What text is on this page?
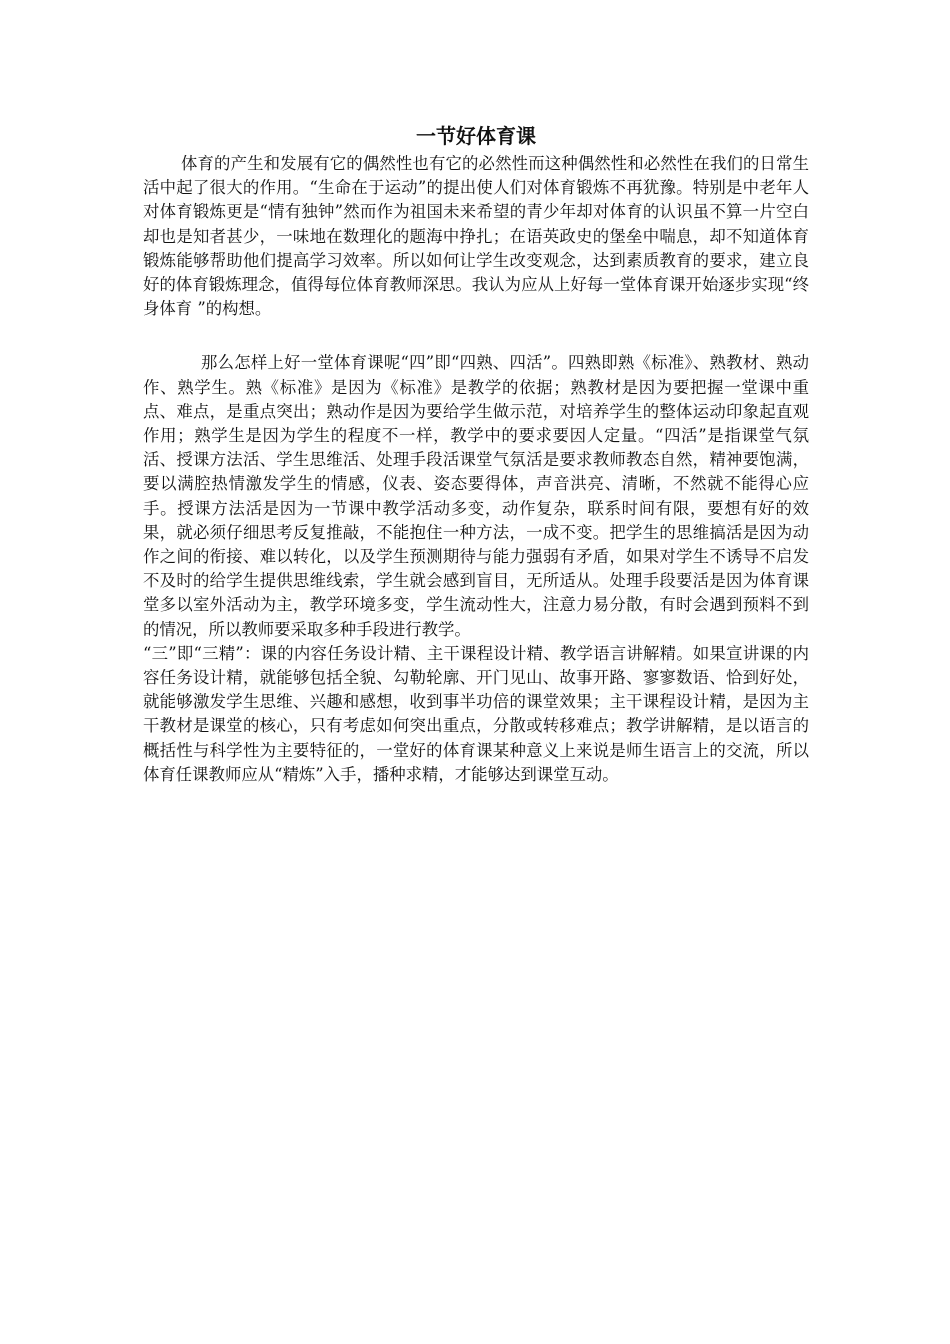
一节好体育课

体育的产生和发展有它的偶然性也有它的必然性而这种偶然性和必然性在我们的日常生活中起了很大的作用。“生命在于运动”的提出使人们对体育锻炼不再犹豫。特别是中老年人对体育锻炼更是“情有独钟”然而作为祖国未来希望的青少年却对体育的认识虽不算一片空白却也是知者甚少，一味地在数理化的题海中挣扎；在语英政史的堡垒中喘息，却不知道体育锻炼能够帮助他们提高学习效率。所以如何让学生改变观念，达到素质教育的要求，建立良好的体育锻炼理念，值得每位体育教师深思。我认为应从上好每一堂体育课开始逐步实现“终身体育 ”的构想。

那么怎样上好一堂体育课呢“四”即“四熟、四活”。四熟即熟《标准》、熟教材、熟动作、熟学生。熟《标准》是因为《标准》是教学的依据；熟教材是因为要把握一堂课中重点、难点，是重点突出；熟动作是因为要给学生做示范，对培养学生的整体运动印象起直观作用；熟学生是因为学生的程度不一样，教学中的要求要因人定量。“四活”是指课堂气氛活、授课方法活、学生思维活、处理手段活课堂气氛活是要求教师教态自然，精神要饱满，要以满腔热情激发学生的情感，仪表、姿态要得体，声音洪亮、清晰，不然就不能得心应手。授课方法活是因为一节课中教学活动多变，动作复杂，联系时间有限，要想有好的效果，就必须仔细思考反复推敲，不能抱住一种方法，一成不变。把学生的思维搞活是因为动作之间的衔接、难以转化，以及学生预测期待与能力强弱有矛盾，如果对学生不诱导不启发不及时的给学生提供思维线索，学生就会感到盲目，无所适从。处理手段要活是因为体育课堂多以室外活动为主，教学环境多变，学生流动性大，注意力易分散，有时会遇到预料不到的情况，所以教师要采取多种手段进行教学。

“三”即“三精”：课的内容任务设计精、主干课程设计精、教学语言讲解精。如果宣讲课的内容任务设计精，就能够包括全貌、勾勒轮廓、开门见山、故事开路、寥寥数语、恰到好处，就能够激发学生思维、兴趣和感想，收到事半功倍的课堂效果；主干课程设计精，是因为主干教材是课堂的核心，只有考虑如何突出重点，分散或转移难点；教学讲解精，是以语言的概括性与科学性为主要特征的，一堂好的体育课某种意义上来说是师生语言上的交流，所以体育任课教师应从“精炼”入手，播种求精，才能够达到课堂互动。
